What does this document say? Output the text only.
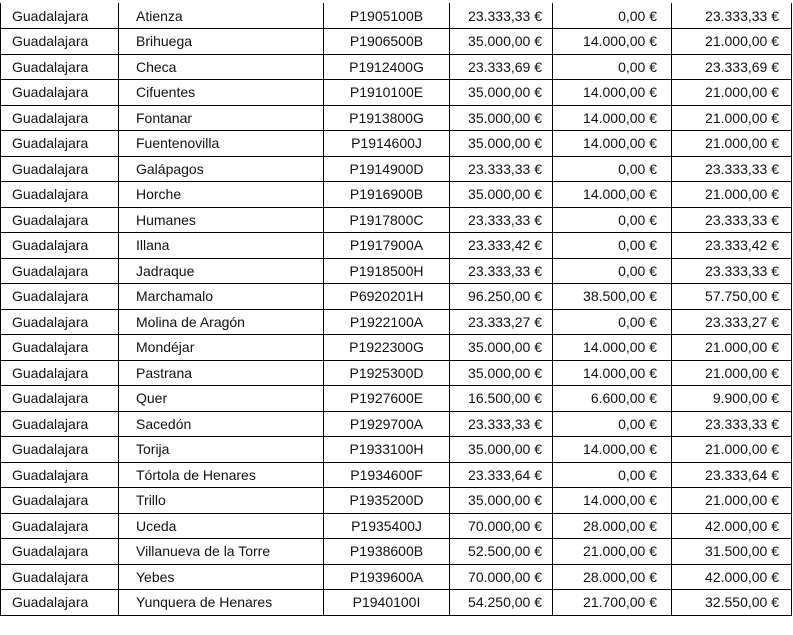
Guadalajara	Atienza	P1905100B	23.333,33 €	0,00 €	23.333,33 €
Guadalajara	Brihuega	P1906500B	35.000,00 €	14.000,00 €	21.000,00 €
Guadalajara	Checa	P1912400G	23.333,69 €	0,00 €	23.333,69 €
Guadalajara	Cifuentes	P1910100E	35.000,00 €	14.000,00 €	21.000,00 €
Guadalajara	Fontanar	P1913800G	35.000,00 €	14.000,00 €	21.000,00 €
Guadalajara	Fuentenovilla	P1914600J	35.000,00 €	14.000,00 €	21.000,00 €
Guadalajara	Galápagos	P1914900D	23.333,33 €	0,00 €	23.333,33 €
Guadalajara	Horche	P1916900B	35.000,00 €	14.000,00 €	21.000,00 €
Guadalajara	Humanes	P1917800C	23.333,33 €	0,00 €	23.333,33 €
Guadalajara	Illana	P1917900A	23.333,42 €	0,00 €	23.333,42 €
Guadalajara	Jadraque	P1918500H	23.333,33 €	0,00 €	23.333,33 €
Guadalajara	Marchamalo	P6920201H	96.250,00 €	38.500,00 €	57.750,00 €
Guadalajara	Molina de Aragón	P1922100A	23.333,27 €	0,00 €	23.333,27 €
Guadalajara	Mondéjar	P1922300G	35.000,00 €	14.000,00 €	21.000,00 €
Guadalajara	Pastrana	P1925300D	35.000,00 €	14.000,00 €	21.000,00 €
Guadalajara	Quer	P1927600E	16.500,00 €	6.600,00 €	9.900,00 €
Guadalajara	Sacedón	P1929700A	23.333,33 €	0,00 €	23.333,33 €
Guadalajara	Torija	P1933100H	35.000,00 €	14.000,00 €	21.000,00 €
Guadalajara	Tórtola de Henares	P1934600F	23.333,64 €	0,00 €	23.333,64 €
Guadalajara	Trillo	P1935200D	35.000,00 €	14.000,00 €	21.000,00 €
Guadalajara	Uceda	P1935400J	70.000,00 €	28.000,00 €	42.000,00 €
Guadalajara	Villanueva de la Torre	P1938600B	52.500,00 €	21.000,00 €	31.500,00 €
Guadalajara	Yebes	P1939600A	70.000,00 €	28.000,00 €	42.000,00 €
Guadalajara	Yunquera de Henares	P1940100I	54.250,00 €	21.700,00 €	32.550,00 €
